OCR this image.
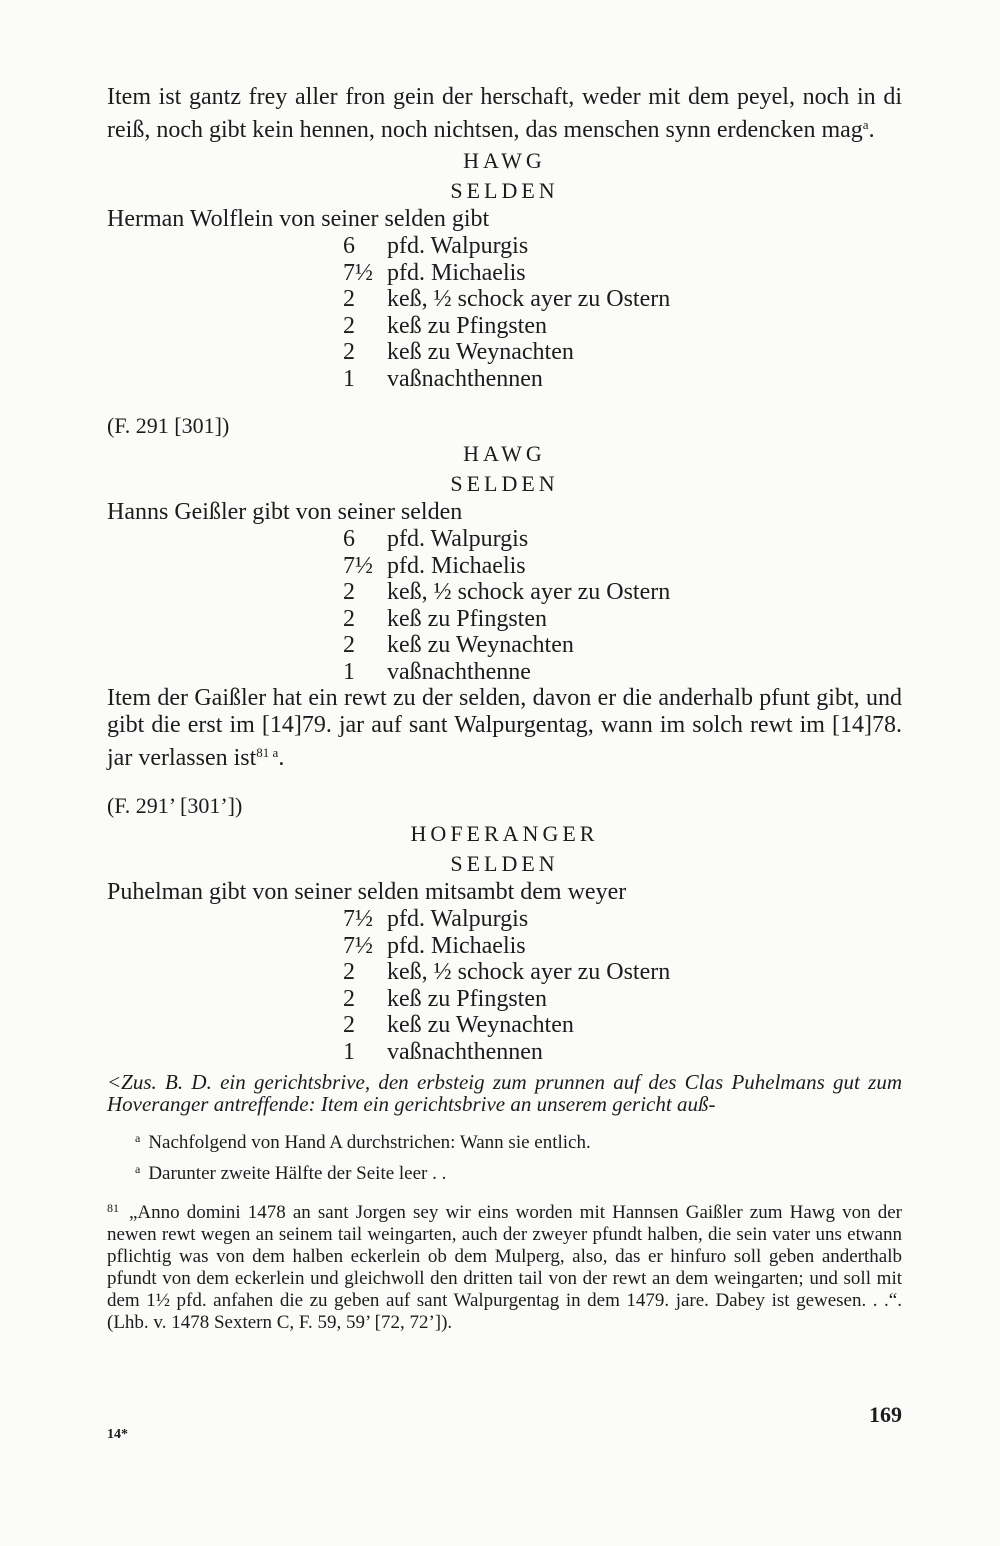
Item ist gantz frey aller fron gein der herschaft, weder mit dem peyel, noch in di reiß, noch gibt kein hennen, noch nichtsen, das menschen synn erdencken mag$^a$.

HAWG

SELDEN

Herman Wolflein von seiner selden gibt

6	pfd. Walpurgis
7½ pfd. Michaelis
2	keß, ½ schock ayer zu Ostern
2	keß zu Pfingsten
2	keß zu Weynachten
1	vaßnachthennen

(F. 291 [301])

HAWG

SELDEN

Hanns Geißler gibt von seiner selden

6	pfd. Walpurgis
7½ pfd. Michaelis
2	keß, ½ schock ayer zu Ostern
2	keß zu Pfingsten
2	keß zu Weynachten
1	vaßnachthenne

Item der Gaißler hat ein rewt zu der selden, davon er die anderhalb pfunt gibt, und gibt die erst im [14]79. jar auf sant Walpurgentag, wann im solch rewt im [14]78. jar verlassen ist$^{81 a}$.

(F. 291’ [301’])

HOFERANGER

SELDEN

Puhelman gibt von seiner selden mitsambt dem weyer

7½ pfd. Walpurgis
7½ pfd. Michaelis
2	keß, ½ schock ayer zu Ostern
2	keß zu Pfingsten
2	keß zu Weynachten
1	vaßnachthennen

<Zus. B. D. ein gerichtsbrive, den erbsteig zum prunnen auf des Clas Puhelmans gut zum Hoveranger antreffende: Item ein gerichtsbrive an unserem gericht auß-

$^a$ Nachfolgend von Hand A durchstrichen: Wann sie entlich.

$^a$ Darunter zweite Hälfte der Seite leer . .

$^{81}$ „Anno domini 1478 an sant Jorgen sey wir eins worden mit Hannsen Gaißler zum Hawg von der newen rewt wegen an seinem tail weingarten, auch der zweyer pfundt halben, die sein vater uns etwann pflichtig was von dem halben eckerlein ob dem Mulperg, also, das er hinfuro soll geben anderthalb pfundt von dem eckerlein und gleichwoll den dritten tail von der rewt an dem weingarten; und soll mit dem 1½ pfd. anfahen die zu geben auf sant Walpurgentag in dem 1479. jare. Dabey ist gewesen. . .“. (Lhb. v. 1478 Sextern C, F. 59, 59’ [72, 72’]).

169
14*
